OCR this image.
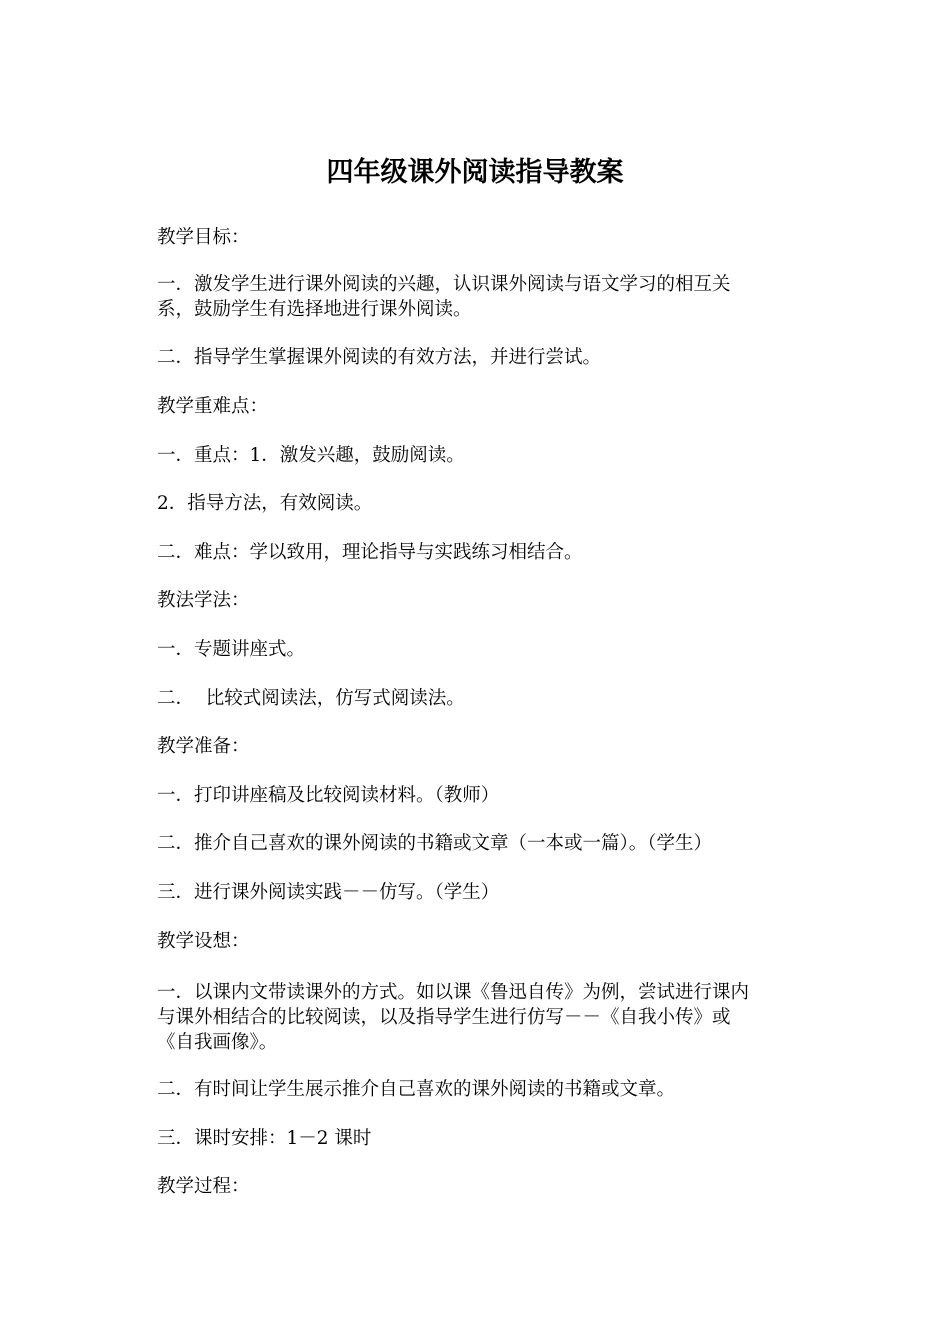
四年级课外阅读指导教案
教学目标：
一．激发学生进行课外阅读的兴趣，认识课外阅读与语文学习的相互关
系，鼓励学生有选择地进行课外阅读。
二．指导学生掌握课外阅读的有效方法，并进行尝试。
教学重难点：
一．重点：1．激发兴趣，鼓励阅读。
2．指导方法，有效阅读。
二．难点：学以致用，理论指导与实践练习相结合。
教法学法：
一．专题讲座式。
二．  比较式阅读法，仿写式阅读法。
教学准备：
一．打印讲座稿及比较阅读材料。（教师）
二．推介自己喜欢的课外阅读的书籍或文章（一本或一篇）。（学生）
三．进行课外阅读实践－－仿写。（学生）
教学设想：
一．以课内文带读课外的方式。如以课《鲁迅自传》为例，尝试进行课内
与课外相结合的比较阅读，以及指导学生进行仿写－－《自我小传》或
《自我画像》。
二．有时间让学生展示推介自己喜欢的课外阅读的书籍或文章。
三．课时安排：1－2 课时
教学过程：
